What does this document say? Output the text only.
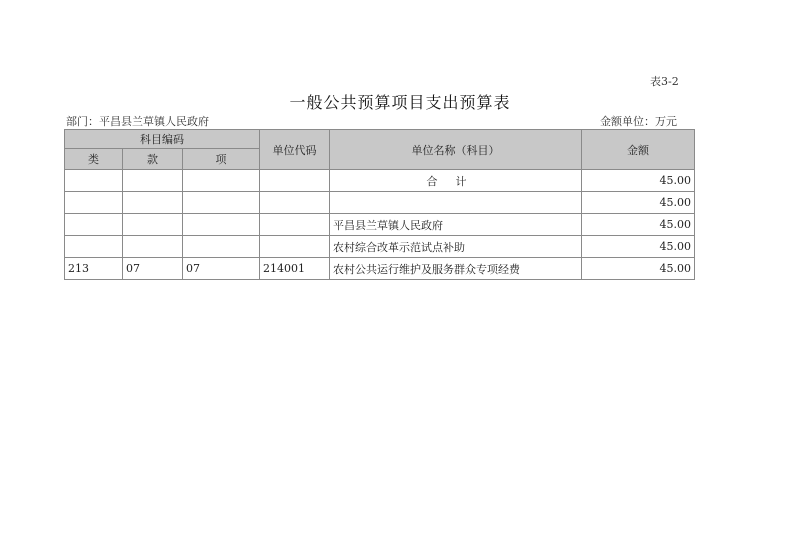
表3-2
一般公共预算项目支出预算表
部门：平昌县兰草镇人民政府	金额单位：万元
科目编码			单位代码	单位名称（科目）	金额
类	款	项			
				合计	45.00
					45.00
				平昌县兰草镇人民政府	45.00
				农村综合改革示范试点补助	45.00
213	07	07	214001	农村公共运行维护及服务群众专项经费	45.00
